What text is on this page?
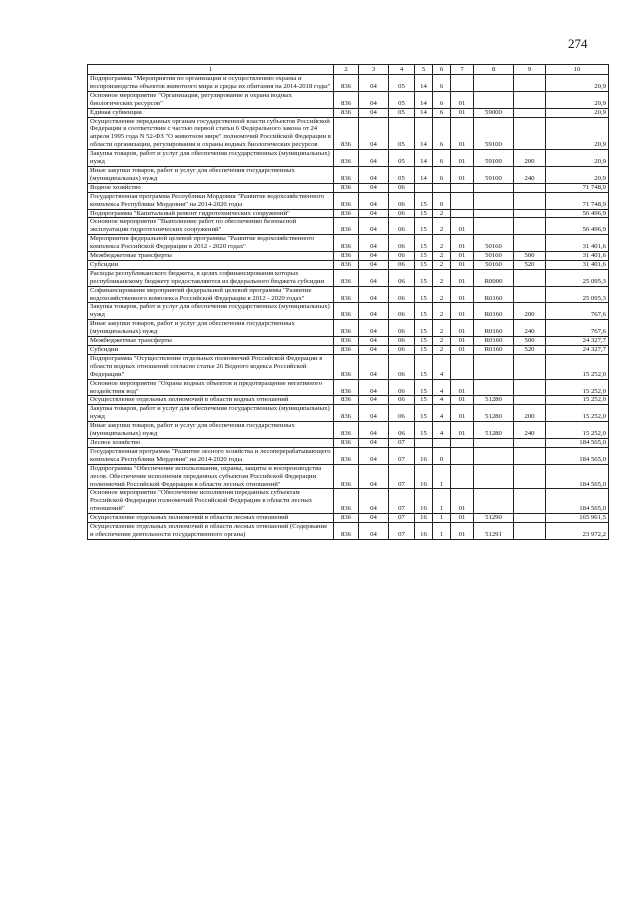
274
1	2	3	4	5	6	7	8	9	10
Подпрограмма "Мероприятия по организации и осуществлению охраны и воспроизводства объектов животного мира и среды их обитания на 2014-2018 годы"	836	04	05	14	6				20,9
Основное мероприятие "Организация, регулирование и охрана водных биологических ресурсов"	836	04	05	14	6	01			20,9
Единая субвенция	836	04	05	14	6	01	59000		20,9
Осуществление переданных органам государственной власти субъектов Российской Федерации в соответствии с частью первой статьи 6 Федерального закона от 24 апреля 1995 года N 52-ФЗ "О животном мире" полномочий Российской Федерации в области организации, регулирования и охраны водных биологических ресурсов	836	04	05	14	6	01	59100		20,9
Закупка товаров, работ и услуг для обеспечения государственных (муниципальных) нужд	836	04	05	14	6	01	59100	200	20,9
Иные закупки товаров, работ и услуг для обеспечения государственных (муниципальных) нужд	836	04	05	14	6	01	59100	240	20,9
Водное хозяйство	836	04	06						71 748,9
Государственная программа Республики Мордовия "Развитие водохозяйственного комплекса Республики Мордовия" на 2014-2020 годы	836	04	06	15	0				71 748,9
Подпрограмма "Капитальный ремонт гидротехнических сооружений"	836	04	06	15	2				56 496,9
Основное мероприятие "Выполнение работ по обеспечению безопасной эксплуатации гидротехнических сооружений"	836	04	06	15	2	01			56 496,9
Мероприятия федеральной целевой программы "Развитие водохозяйственного комплекса Российской Федерации в 2012 - 2020 годах"	836	04	06	15	2	01	50160		31 401,6
Межбюджетные трансферты	836	04	06	15	2	01	50160	500	31 401,6
Субсидии	836	04	06	15	2	01	50160	520	31 401,6
Расходы республиканского бюджета, в целях софинансирования которых республиканскому бюджету предоставляются из федерального бюджета субсидии	836	04	06	15	2	01	R0000		25 095,3
Софинансирование мероприятий федеральной целевой программы "Развитие водохозяйственного комплекса Российской Федерации в 2012 - 2020 годах"	836	04	06	15	2	01	R0160		25 095,3
Закупка товаров, работ и услуг для обеспечения государственных (муниципальных) нужд	836	04	06	15	2	01	R0160	200	767,6
Иные закупки товаров, работ и услуг для обеспечения государственных (муниципальных) нужд	836	04	06	15	2	01	R0160	240	767,6
Межбюджетные трансферты	836	04	06	15	2	01	R0160	500	24 327,7
Субсидии	836	04	06	15	2	01	R0160	520	24 327,7
Подпрограмма "Осуществление отдельных полномочий Российской Федерации в области водных отношений согласно статье 26 Водного кодекса Российской Федерации"	836	04	06	15	4				15 252,0
Основное мероприятие "Охрана водных объектов и предотвращение негативного воздействия вод"	836	04	06	15	4	01			15 252,0
Осуществление отдельных полномочий в области водных отношений	836	04	06	15	4	01	51280		15 252,0
Закупка товаров, работ и услуг для обеспечения государственных (муниципальных) нужд	836	04	06	15	4	01	51280	200	15 252,0
Иные закупки товаров, работ и услуг для обеспечения государственных (муниципальных) нужд	836	04	06	15	4	01	51280	240	15 252,0
Лесное хозяйство	836	04	07						184 565,0
Государственная программа "Развитие лесного хозяйства и лесоперерабатывающего комплекса Республики Мордовия" на 2014-2020 годы	836	04	07	16	0				184 565,0
Подпрограмма "Обеспечение использования, охраны, защиты и воспроизводства лесов. Обеспечение исполнения переданных субъектам Российской Федерации полномочий Российской Федерации в области лесных отношений"	836	04	07	16	1				184 565,0
Основное мероприятие "Обеспечение исполнения переданных субъектам Российской Федерации полномочий Российской Федерации в области лесных отношений"	836	04	07	16	1	01			184 565,0
Осуществление отдельных полномочий в области лесных отношений	836	04	07	16	1	01	51290		165 961,5
Осуществление отдельных полномочий в области лесных отношений (Содержание и обеспечение деятельности государственного органа)	836	04	07	16	1	01	51291		23 972,2
